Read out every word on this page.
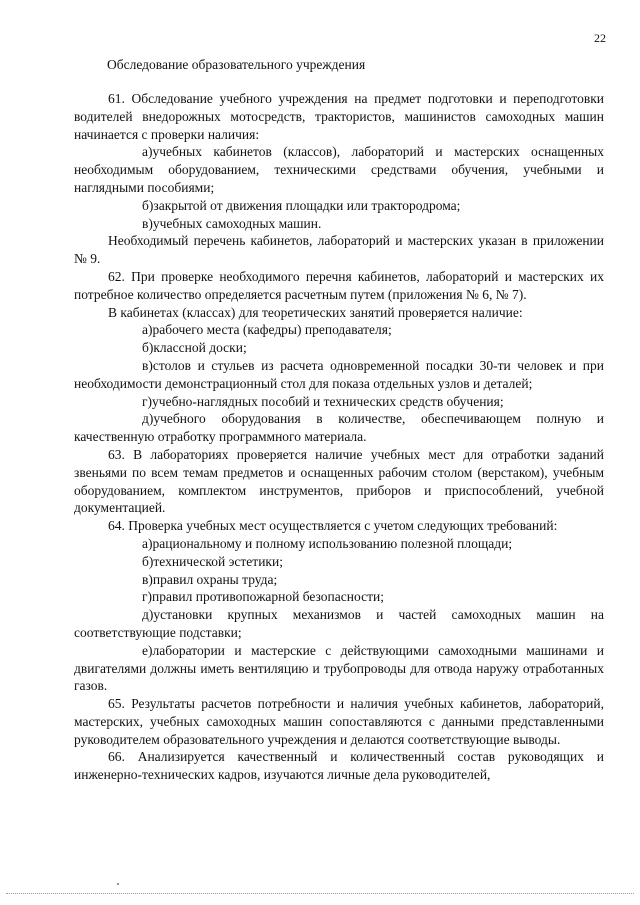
22
Обследование образовательного учреждения

61. Обследование учебного учреждения на предмет подготовки и переподготовки водителей внедорожных мотосредств, трактористов, машинистов самоходных машин начинается с проверки наличия:

а)учебных кабинетов (классов), лабораторий и мастерских оснащенных необходимым оборудованием, техническими средствами обучения, учебными и наглядными пособиями;

б)закрытой от движения площадки или трактородрома;

в)учебных самоходных машин.

Необходимый перечень кабинетов, лабораторий и мастерских указан в приложении № 9.

62. При проверке необходимого перечня кабинетов, лабораторий и мастерских их потребное количество определяется расчетным путем (приложения № 6, № 7).

В кабинетах (классах) для теоретических занятий проверяется наличие:

а)рабочего места (кафедры) преподавателя;

б)классной доски;

в)столов и стульев из расчета одновременной посадки 30-ти человек и при необходимости демонстрационный стол для показа отдельных узлов и деталей;

г)учебно-наглядных пособий и технических средств обучения;

д)учебного оборудования в количестве, обеспечивающем полную и качественную отработку программного материала.

63. В лабораториях проверяется наличие учебных мест для отработки заданий звеньями по всем темам предметов и оснащенных рабочим столом (верстаком), учебным оборудованием, комплектом инструментов, приборов и приспособлений, учебной документацией.

64. Проверка учебных мест осуществляется с учетом следующих требований:

а)рациональному и полному использованию полезной площади;

б)технической эстетики;

в)правил охраны труда;

г)правил противопожарной безопасности;

д)установки крупных механизмов и частей самоходных машин на соответствующие подставки;

е)лаборатории и мастерские с действующими самоходными машинами и двигателями должны иметь вентиляцию и трубопроводы для отвода наружу отработанных газов.

65. Результаты расчетов потребности и наличия учебных кабинетов, лабораторий, мастерских, учебных самоходных машин сопоставляются с данными представленными руководителем образовательного учреждения и делаются соответствующие выводы.

66. Анализируется качественный и количественный состав руководящих и инженерно-технических кадров, изучаются личные дела руководителей,
